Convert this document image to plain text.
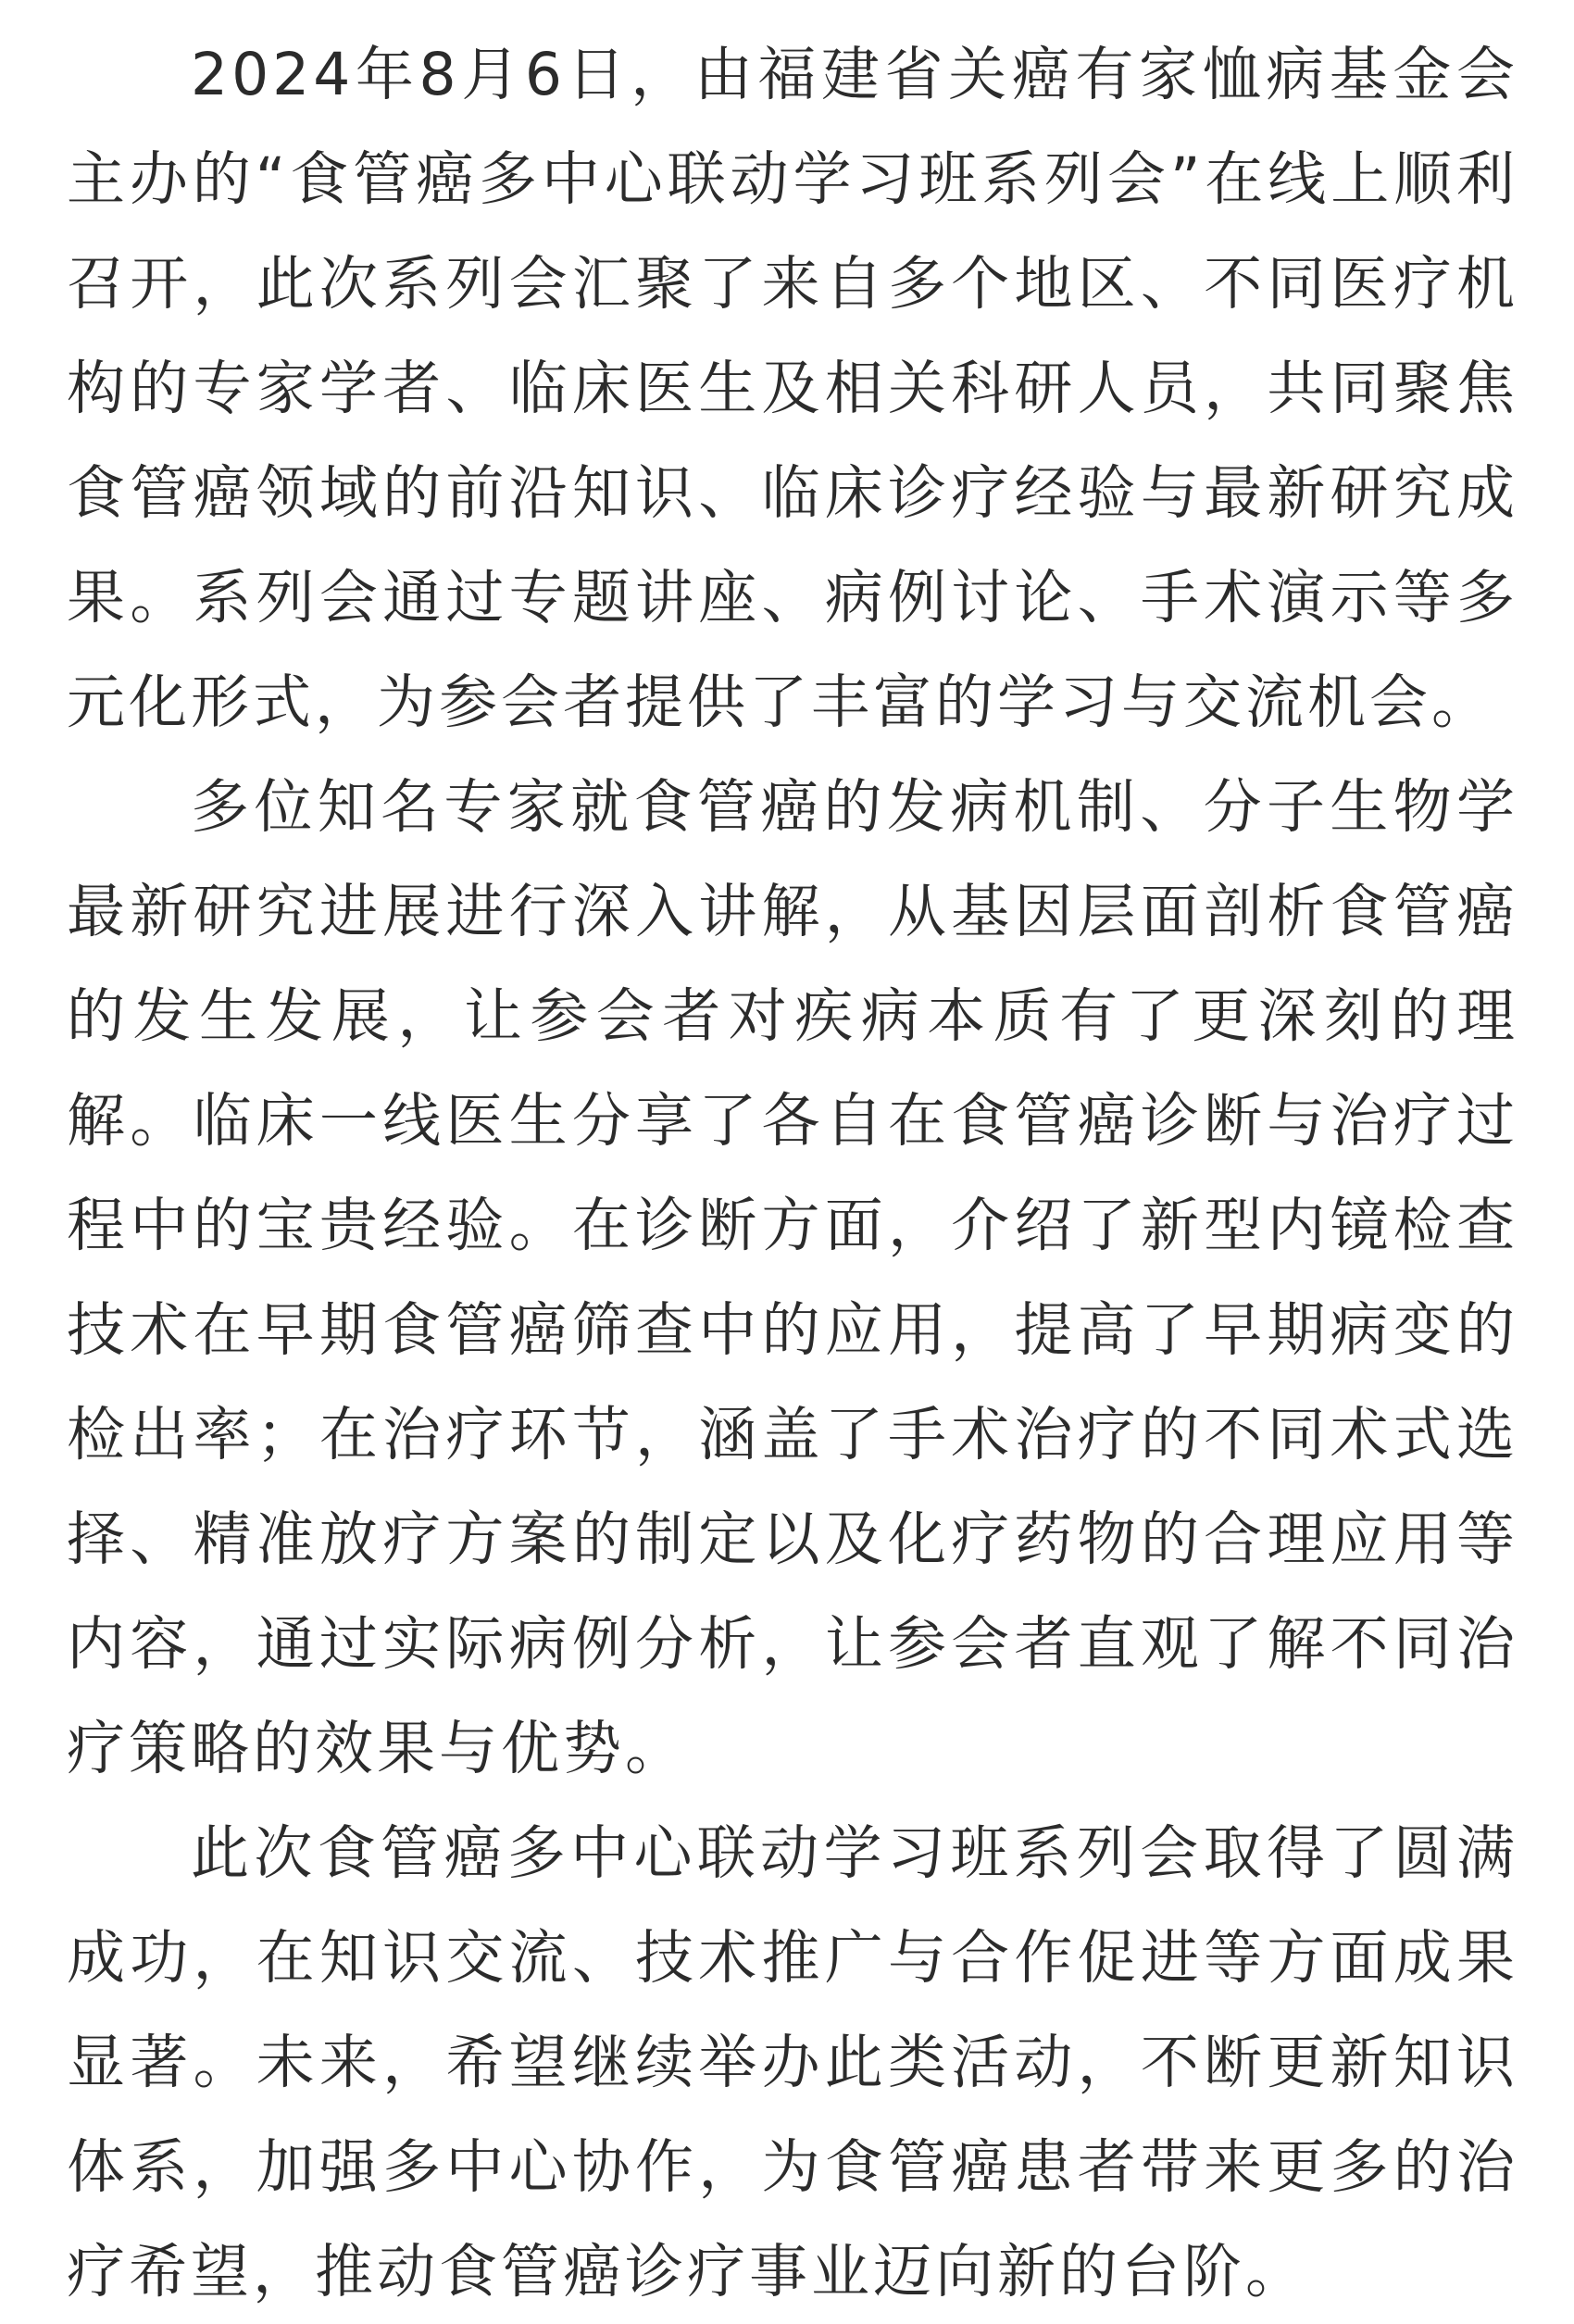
2024年8月6日，由福建省关癌有家恤病基金会主办的“食管癌多中心联动学习班系列会”在线上顺利召开，此次系列会汇聚了来自多个地区、不同医疗机构的专家学者、临床医生及相关科研人员，共同聚焦食管癌领域的前沿知识、临床诊疗经验与最新研究成果。系列会通过专题讲座、病例讨论、手术演示等多元化形式，为参会者提供了丰富的学习与交流机会。

多位知名专家就食管癌的发病机制、分子生物学最新研究进展进行深入讲解，从基因层面剖析食管癌的发生发展，让参会者对疾病本质有了更深刻的理解。临床一线医生分享了各自在食管癌诊断与治疗过程中的宝贵经验。在诊断方面，介绍了新型内镜检查技术在早期食管癌筛查中的应用，提高了早期病变的检出率；在治疗环节，涵盖了手术治疗的不同术式选择、精准放疗方案的制定以及化疗药物的合理应用等内容，通过实际病例分析，让参会者直观了解不同治疗策略的效果与优势。

此次食管癌多中心联动学习班系列会取得了圆满成功，在知识交流、技术推广与合作促进等方面成果显著。未来，希望继续举办此类活动，不断更新知识体系，加强多中心协作，为食管癌患者带来更多的治疗希望，推动食管癌诊疗事业迈向新的台阶。
